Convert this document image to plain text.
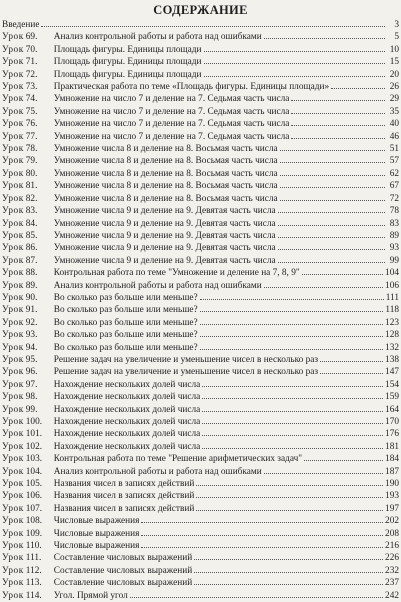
СОДЕРЖАНИЕ
Введение	3
Урок 69.	Анализ контрольной работы и работа над ошибками	5
Урок 70.	Площадь фигуры. Единицы площади	10
Урок 71.	Площадь фигуры. Единицы площади	15
Урок 72.	Площадь фигуры. Единицы площади	20
Урок 73.	Практическая работа по теме «Площадь фигуры. Единицы площади»	26
Урок 74.	Умножение на число 7 и деление на 7. Седьмая часть числа	29
Урок 75.	Умножение на число 7 и деление на 7. Седьмая часть числа	35
Урок 76.	Умножение на число 7 и деление на 7. Седьмая часть числа	40
Урок 77.	Умножение на число 7 и деление на 7. Седьмая часть числа	46
Урок 78.	Умножение числа 8 и деление на 8. Восьмая часть числа	51
Урок 79.	Умножение числа 8 и деление на 8. Восьмая часть числа	57
Урок 80.	Умножение числа 8 и деление на 8. Восьмая часть числа	62
Урок 81.	Умножение числа 8 и деление на 8. Восьмая часть числа	67
Урок 82.	Умножение числа 8 и деление на 8. Восьмая часть числа	72
Урок 83.	Умножение числа 9 и деление на 9. Девятая часть числа	78
Урок 84.	Умножение числа 9 и деление на 9. Девятая часть числа	83
Урок 85.	Умножение числа 9 и деление на 9. Девятая часть числа	89
Урок 86.	Умножение числа 9 и деление на 9. Девятая часть числа	93
Урок 87.	Умножение числа 9 и деление на 9. Девятая часть числа	99
Урок 88.	Контрольная работа по теме "Умножение и деление на 7, 8, 9"	104
Урок 89.	Анализ контрольной работы и работа над ошибками	106
Урок 90.	Во сколько раз больше или меньше?	111
Урок 91.	Во сколько раз больше или меньше?	118
Урок 92.	Во сколько раз больше или меньше?	123
Урок 93.	Во сколько раз больше или меньше?	128
Урок 94.	Во сколько раз больше или меньше?	132
Урок 95.	Решение задач на увеличение и уменьшение чисел в несколько раз	138
Урок 96.	Решение задач на увеличение и уменьшение чисел в несколько раз	147
Урок 97.	Нахождение нескольких долей числа	154
Урок 98.	Нахождение нескольких долей числа	159
Урок 99.	Нахождение нескольких долей числа	164
Урок 100.	Нахождение нескольких долей числа	170
Урок 101.	Нахождение нескольких долей числа	176
Урок 102.	Нахождение нескольких долей числа	181
Урок 103.	Контрольная работа по теме "Решение арифметических задач"	184
Урок 104.	Анализ контрольной работы и работа над ошибками	187
Урок 105.	Названия чисел в записях действий	190
Урок 106.	Названия чисел в записях действий	193
Урок 107.	Названия чисел в записях действий	197
Урок 108.	Числовые выражения	202
Урок 109.	Числовые выражения	208
Урок 110.	Числовые выражения	216
Урок 111.	Составление числовых выражений	226
Урок 112.	Составление числовых выражений	232
Урок 113.	Составление числовых выражений	237
Урок 114.	Угол. Прямой угол	242
